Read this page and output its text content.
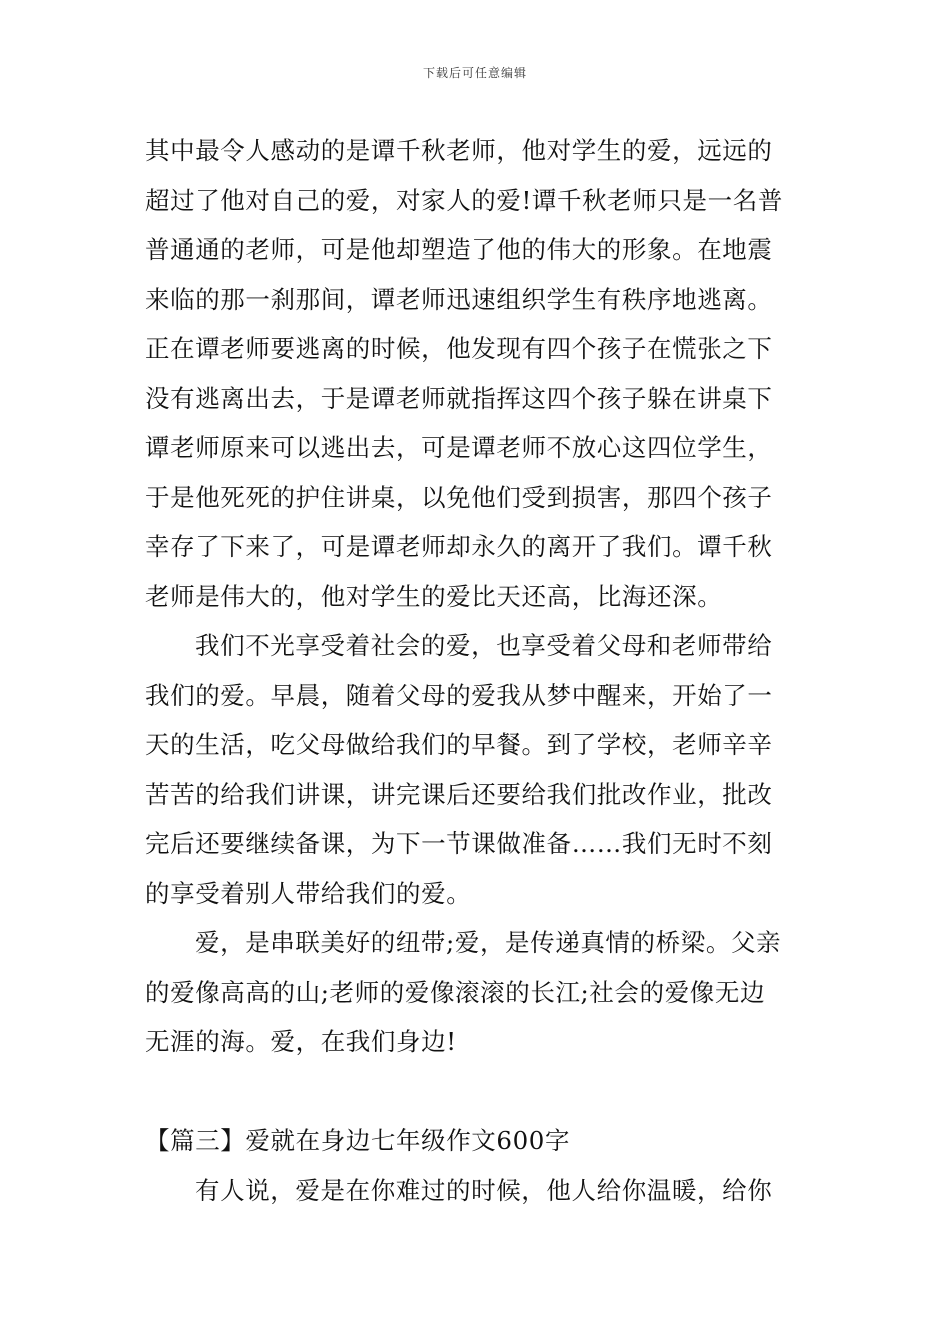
下载后可任意编辑
其中最令人感动的是谭千秋老师，他对学生的爱，远远的
超过了他对自己的爱，对家人的爱!谭千秋老师只是一名普
普通通的老师，可是他却塑造了他的伟大的形象。在地震
来临的那一刹那间，谭老师迅速组织学生有秩序地逃离。
正在谭老师要逃离的时候，他发现有四个孩子在慌张之下
没有逃离出去，于是谭老师就指挥这四个孩子躲在讲桌下
谭老师原来可以逃出去，可是谭老师不放心这四位学生，
于是他死死的护住讲桌，以免他们受到损害，那四个孩子
幸存了下来了，可是谭老师却永久的离开了我们。谭千秋
老师是伟大的，他对学生的爱比天还高，比海还深。
我们不光享受着社会的爱，也享受着父母和老师带给
我们的爱。早晨，随着父母的爱我从梦中醒来，开始了一
天的生活，吃父母做给我们的早餐。到了学校，老师辛辛
苦苦的给我们讲课，讲完课后还要给我们批改作业，批改
完后还要继续备课，为下一节课做准备……我们无时不刻
的享受着别人带给我们的爱。
爱，是串联美好的纽带;爱，是传递真情的桥梁。父亲
的爱像高高的山;老师的爱像滚滚的长江;社会的爱像无边
无涯的海。爱，在我们身边!
【篇三】爱就在身边七年级作文600字
有人说，爱是在你难过的时候，他人给你温暖，给你
